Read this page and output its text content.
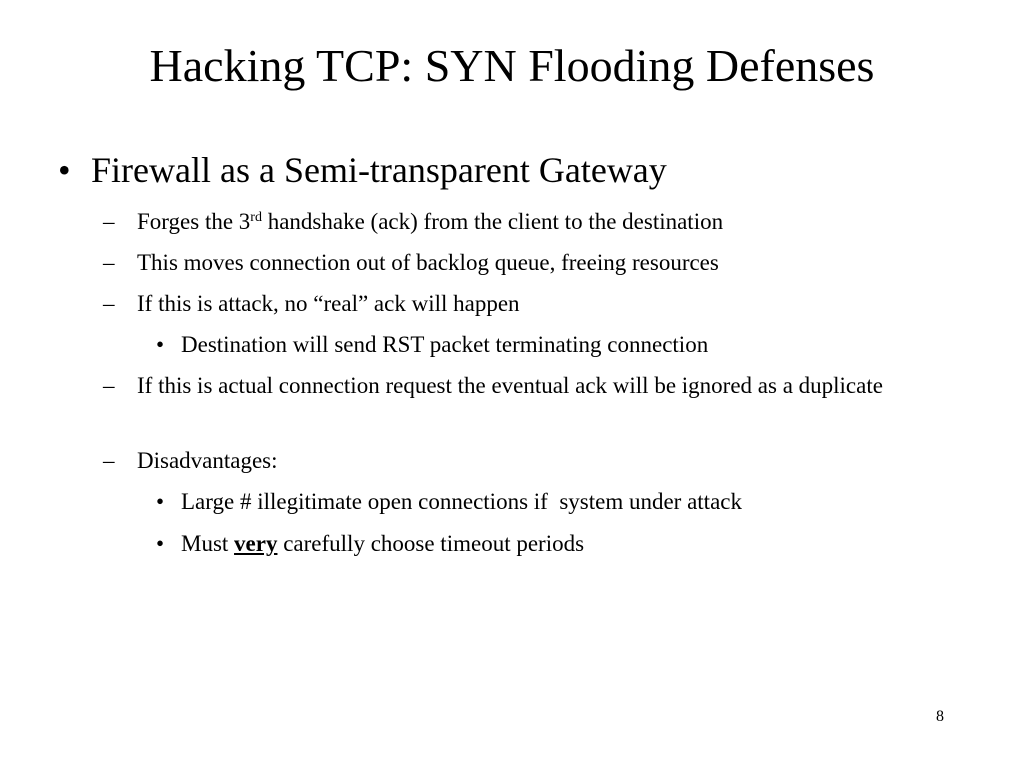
Hacking TCP: SYN Flooding Defenses
• Firewall as a Semi-transparent Gateway
– Forges the 3rd handshake (ack) from the client to the destination
– This moves connection out of backlog queue, freeing resources
– If this is attack, no “real” ack will happen
• Destination will send RST packet terminating connection
– If this is actual connection request the eventual ack will be ignored as a duplicate
– Disadvantages:
• Large # illegitimate open connections if  system under attack
• Must very carefully choose timeout periods
8
